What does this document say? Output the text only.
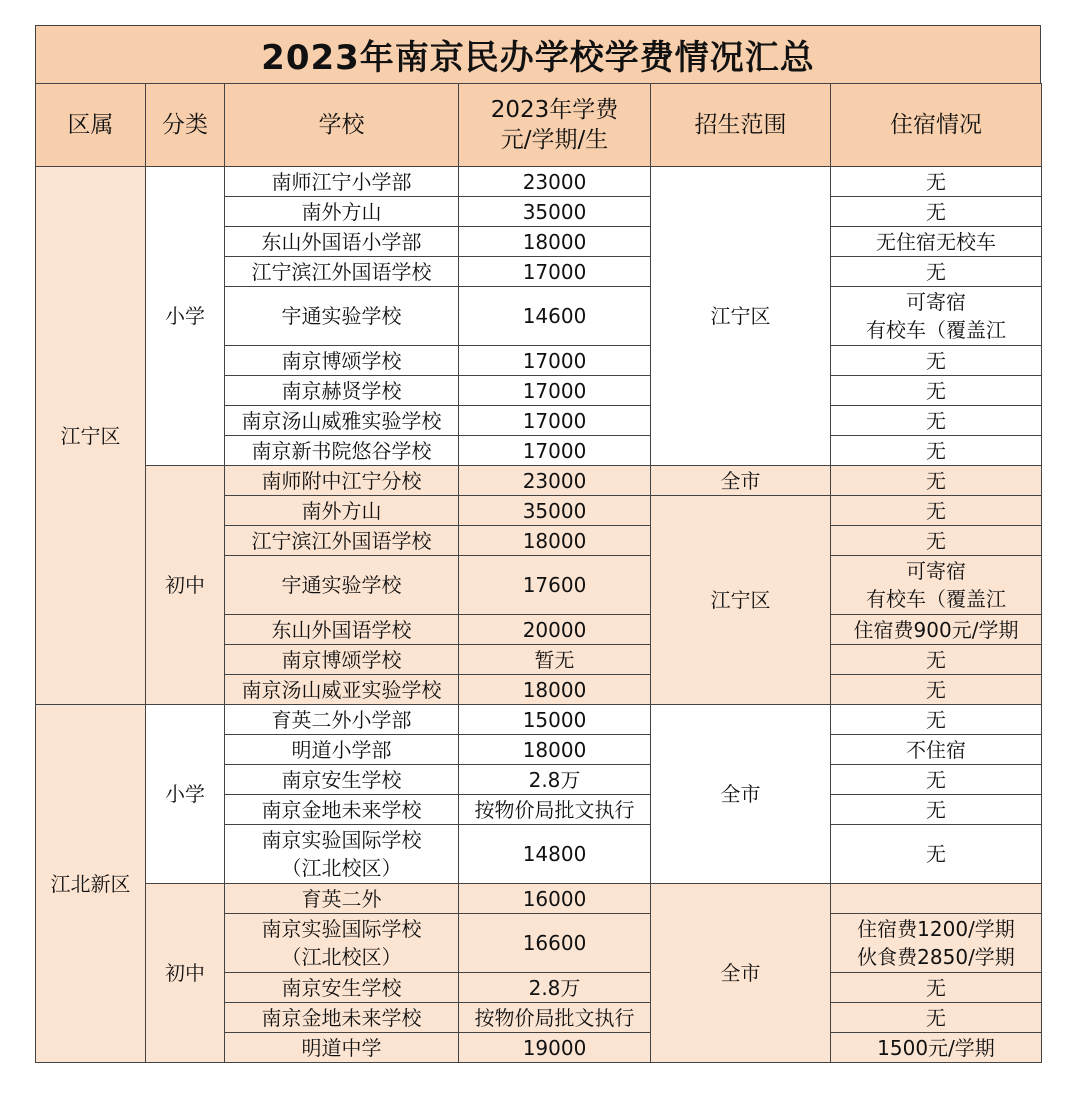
2023年南京民办学校学费情况汇总
区属	分类	学校	2023年学费
元/学期/生	招生范围	住宿情况
江宁区	小学	南师江宁小学部	23000	江宁区	无
		南外方山	35000		无
		东山外国语小学部	18000		无住宿无校车
		江宁滨江外国语学校	17000		无
		宇通实验学校	14600		可寄宿
有校车（覆盖江

		南京博颂学校	17000		无
		南京赫贤学校	17000		无
		南京汤山威雅实验学校	17000		无
		南京新书院悠谷学校	17000		无
	初中	南师附中江宁分校	23000	全市	无
		南外方山	35000	江宁区	无
		江宁滨江外国语学校	18000		无
		宇通实验学校	17600		可寄宿
有校车（覆盖江

		东山外国语学校	20000		住宿费900元/学期
		南京博颂学校	暂无		无
		南京汤山威亚实验学校	18000		无
江北新区	小学	育英二外小学部	15000	全市	无
		明道小学部	18000		不住宿
		南京安生学校	2.8万		无
		南京金地未来学校	按物价局批文执行		无

		南京实验国际学校
（江北校区）	14800		无
	初中	育英二外	16000	全市	

		南京实验国际学校
（江北校区）	16600		住宿费1200/学期
伙食费2850/学期

		南京安生学校	2.8万		无
		南京金地未来学校	按物价局批文执行		无
		明道中学	19000		1500元/学期
